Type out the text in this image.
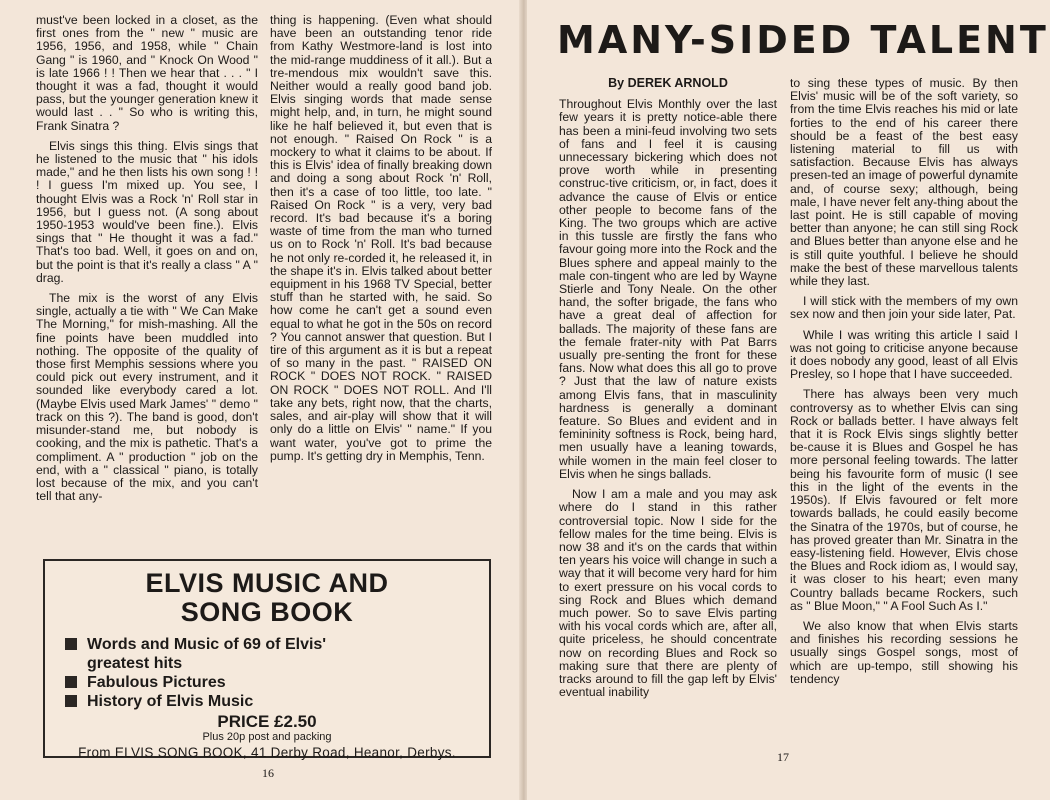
must've been locked in a closet, as the first ones from the " new " music are 1956, 1956, and 1958, while " Chain Gang " is 1960, and " Knock On Wood " is late 1966 ! ! Then we hear that . . . " I thought it was a fad, thought it would pass, but the younger generation knew it would last . . " So who is writing this, Frank Sinatra ?

Elvis sings this thing. Elvis sings that he listened to the music that " his idols made," and he then lists his own song ! ! ! I guess I'm mixed up. You see, I thought Elvis was a Rock 'n' Roll star in 1956, but I guess not. (A song about 1950-1953 would've been fine.). Elvis sings that " He thought it was a fad." That's too bad. Well, it goes on and on, but the point is that it's really a class " A " drag.

The mix is the worst of any Elvis single, actually a tie with " We Can Make The Morning," for mish-mashing. All the fine points have been muddled into nothing. The opposite of the quality of those first Memphis sessions where you could pick out every instrument, and it sounded like everybody cared a lot. (Maybe Elvis used Mark James' " demo " track on this ?). The band is good, don't misunder-stand me, but nobody is cooking, and the mix is pathetic. That's a compliment. A " production " job on the end, with a " classical " piano, is totally lost because of the mix, and you can't tell that any-

thing is happening. (Even what should have been an outstanding tenor ride from Kathy Westmore-land is lost into the mid-range muddiness of it all.). But a tre-mendous mix wouldn't save this. Neither would a really good band job. Elvis singing words that made sense might help, and, in turn, he might sound like he half believed it, but even that is not enough. " Raised On Rock " is a mockery to what it claims to be about. If this is Elvis' idea of finally breaking down and doing a song about Rock 'n' Roll, then it's a case of too little, too late. " Raised On Rock " is a very, very bad record. It's bad because it's a boring waste of time from the man who turned us on to Rock 'n' Roll. It's bad because he not only re-corded it, he released it, in the shape it's in. Elvis talked about better equipment in his 1968 TV Special, better stuff than he started with, he said. So how come he can't get a sound even equal to what he got in the 50s on record ? You cannot answer that question. But I tire of this argument as it is but a repeat of so many in the past. " RAISED ON ROCK " DOES NOT ROCK. " RAISED ON ROCK " DOES NOT ROLL. And I'll take any bets, right now, that the charts, sales, and air-play will show that it will only do a little on Elvis' " name." If you want water, you've got to prime the pump. It's getting dry in Memphis, Tenn.

ELVIS MUSIC AND
SONG BOOK
Words and Music of 69 of Elvis'
greatest hits
Fabulous Pictures
History of Elvis Music
PRICE £2.50
Plus 20p post and packing
From ELVIS SONG BOOK, 41 Derby Road, Heanor, Derbys.
16
MANY-SIDED TALENT
By DEREK ARNOLD

Throughout Elvis Monthly over the last few years it is pretty notice-able there has been a mini-feud involving two sets of fans and I feel it is causing unnecessary bickering which does not prove worth while in presenting construc-tive criticism, or, in fact, does it advance the cause of Elvis or entice other people to become fans of the King. The two groups which are active in this tussle are firstly the fans who favour going more into the Rock and the Blues sphere and appeal mainly to the male con-tingent who are led by Wayne Stierle and Tony Neale. On the other hand, the softer brigade, the fans who have a great deal of affection for ballads. The majority of these fans are the female frater-nity with Pat Barrs usually pre-senting the front for these fans. Now what does this all go to prove ? Just that the law of nature exists among Elvis fans, that in masculinity hardness is generally a dominant feature. So Blues and evident and in femininity softness is Rock, being hard, men usually have a leaning towards, while women in the main feel closer to Elvis when he sings ballads.

Now I am a male and you may ask where do I stand in this rather controversial topic. Now I side for the fellow males for the time being. Elvis is now 38 and it's on the cards that within ten years his voice will change in such a way that it will become very hard for him to exert pressure on his vocal cords to sing Rock and Blues which demand much power. So to save Elvis parting with his vocal cords which are, after all, quite priceless, he should concentrate now on recording Blues and Rock so making sure that there are plenty of tracks around to fill the gap left by Elvis' eventual inability

to sing these types of music. By then Elvis' music will be of the soft variety, so from the time Elvis reaches his mid or late forties to the end of his career there should be a feast of the best easy listening material to fill us with satisfaction. Because Elvis has always presen-ted an image of powerful dynamite and, of course sexy; although, being male, I have never felt any-thing about the last point. He is still capable of moving better than anyone; he can still sing Rock and Blues better than anyone else and he is still quite youthful. I believe he should make the best of these marvellous talents while they last.

I will stick with the members of my own sex now and then join your side later, Pat.

While I was writing this article I said I was not going to criticise anyone because it does nobody any good, least of all Elvis Presley, so I hope that I have succeeded.

There has always been very much controversy as to whether Elvis can sing Rock or ballads better. I have always felt that it is Rock Elvis sings slightly better be-cause it is Blues and Gospel he has more personal feeling towards. The latter being his favourite form of music (I see this in the light of the events in the 1950s). If Elvis favoured or felt more towards ballads, he could easily become the Sinatra of the 1970s, but of course, he has proved greater than Mr. Sinatra in the easy-listening field. However, Elvis chose the Blues and Rock idiom as, I would say, it was closer to his heart; even many Country ballads became Rockers, such as " Blue Moon," " A Fool Such As I."

We also know that when Elvis starts and finishes his recording sessions he usually sings Gospel songs, most of which are up-tempo, still showing his tendency

17
